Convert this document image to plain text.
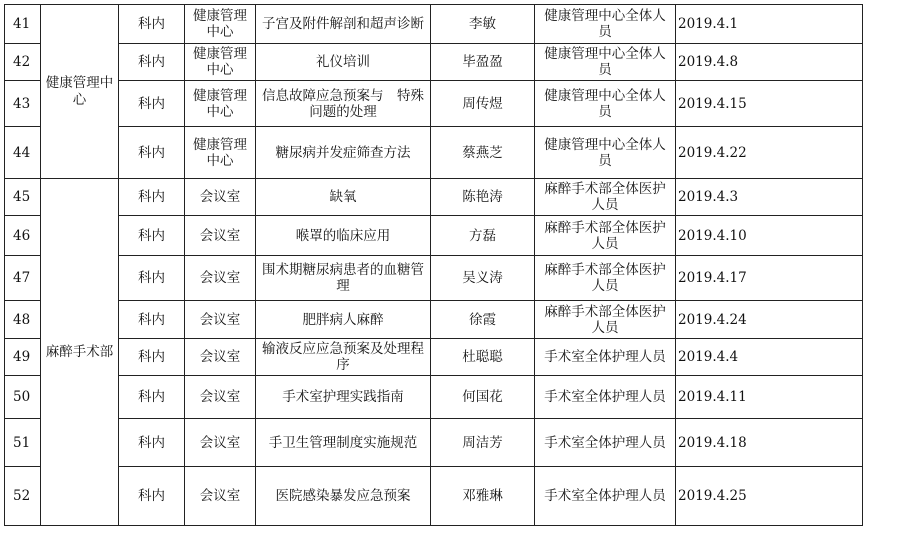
41	健康管理中心	科内	健康管理中心	子宫及附件解剖和超声诊断	李敏	健康管理中心全体人员	2019.4.1
42		科内	健康管理中心	礼仪培训	毕盈盈	健康管理中心全体人员	2019.4.8
43		科内	健康管理中心	信息故障应急预案与　特殊问题的处理	周传煜	健康管理中心全体人员	2019.4.15
44		科内	健康管理中心	糖尿病并发症筛查方法	蔡燕芝	健康管理中心全体人员	2019.4.22
45	麻醉手术部	科内	会议室	缺氧	陈艳涛	麻醉手术部全体医护人员	2019.4.3
46		科内	会议室	喉罩的临床应用	方磊	麻醉手术部全体医护人员	2019.4.10
47		科内	会议室	围术期糖尿病患者的血糖管理	吴义涛	麻醉手术部全体医护人员	2019.4.17
48		科内	会议室	肥胖病人麻醉	徐霞	麻醉手术部全体医护人员	2019.4.24
49		科内	会议室	输液反应应急预案及处理程序	杜聪聪	手术室全体护理人员	2019.4.4
50		科内	会议室	手术室护理实践指南	何国花	手术室全体护理人员	2019.4.11
51		科内	会议室	手卫生管理制度实施规范	周洁芳	手术室全体护理人员	2019.4.18
52		科内	会议室	医院感染暴发应急预案	邓雅琳	手术室全体护理人员	2019.4.25
